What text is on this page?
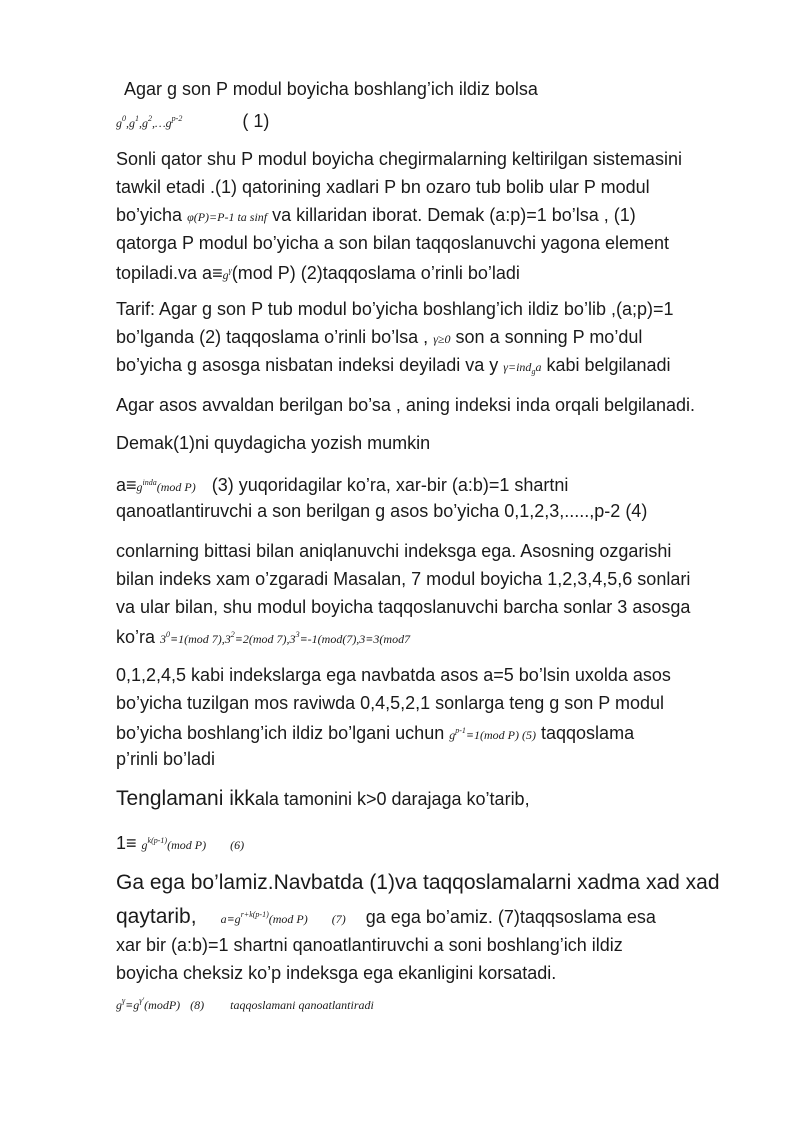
Agar g son P modul boyicha boshlang’ich ildiz bolsa
$g^0,g^1,g^2,\dots g^{p-2}$	( 1)
Sonli qator shu P modul boyicha chegirmalarning keltirilgan sistemasini
tawkil etadi .(1) qatorining xadlari P bn ozaro tub bolib ular P modul
bo’yicha φ(P)=P-1 ta sinf va killaridan iborat. Demak (a:p)=1 bo’lsa , (1)
qatorga P modul bo’yicha a son bilan taqqoslanuvchi yagona element
topiladi.va $a\equiv g^\gamma(mod$ P) (2)taqqoslama o’rinli bo’ladi
Tarif: Agar g son P tub modul bo’yicha boshlang’ich ildiz bo’lib ,(a;p)=1
bo’lganda (2) taqqoslama o’rinli bo’lsa , γ≥0 son a sonning P mo’dul
bo’yicha g asosga nisbatan indeksi deyiladi va y γ=ind$_g$a kabi belgilanadi
Agar asos avvaldan berilgan bo’sa , aning indeksi inda orqali belgilanadi.
Demak(1)ni quydagicha yozish mumkin
$a\equiv g^{inda}(mod$ P) (3) yuqoridagilar ko’ra, xar-bir (a:b)=1 shartni
qanoatlantiruvchi a son berilgan g asos bo’yicha 0,1,2,3,.....,p-2 (4)
conlarning bittasi bilan aniqlanuvchi indeksga ega. Asosning ozgarishi
bilan indeks xam o’zgaradi Masalan, 7 modul boyicha 1,2,3,4,5,6 sonlari
va ular bilan, shu modul boyicha taqqoslanuvchi barcha sonlar 3 asosga
ko’ra $3^0\equiv 1(mod$ $7),3^2\equiv 2(mod$ $7),3^3\equiv-1(mod(7),3\equiv 3(mod7$
0,1,2,4,5 kabi indekslarga ega navbatda asos a=5 bo’lsin uxolda asos
bo’yicha tuzilgan mos raviwda 0,4,5,2,1 sonlarga teng g son P modul
bo’yicha boshlang’ich ildiz bo’lgani uchun $g^{p-1}\equiv 1(mod$ P) (5) taqqoslama
p’rinli bo’ladi
Tenglamani ikkala tamonini k>0 darajaga ko’tarib,
$1\equiv g^{k(p-1)}(mod$ P) (6)
Ga ega bo’lamiz.Navbatda (1)va taqqoslamalarni xadma xad xad
qaytarib, $a\equiv g^{r+k(p-1)}(mod$ P) (7) ga ega bo’amiz. (7)taqqsoslama esa
xar bir (a:b)=1 shartni qanoatlantiruvchi a soni boshlang’ich ildiz
boyicha cheksiz ko’p indeksga ega ekanligini korsatadi.
$g^\gamma\equiv g^{\gamma'}(modP)$ (8) taqqoslamani qanoatlantiradi
